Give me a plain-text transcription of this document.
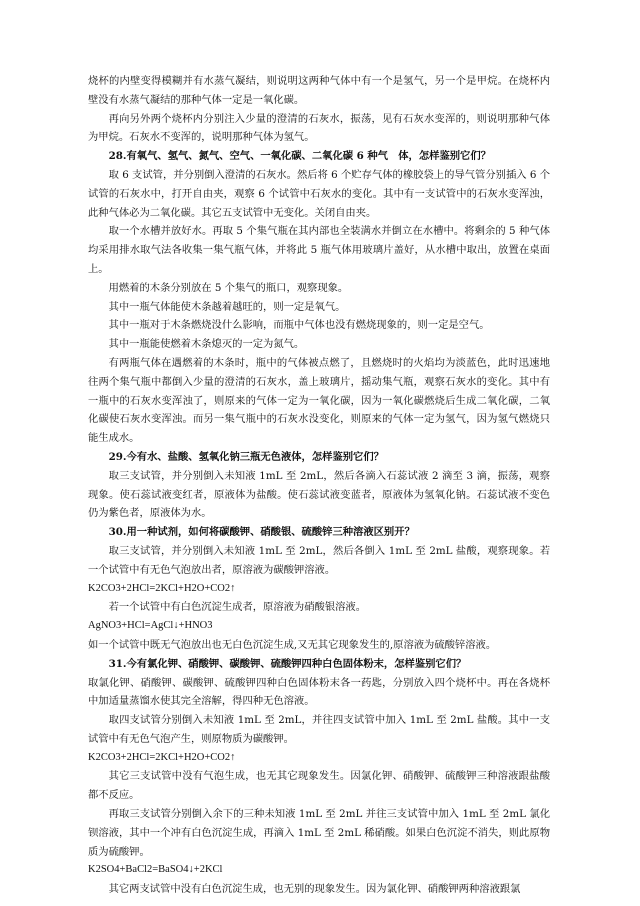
烧杯的内壁变得模糊并有水蒸气凝结，则说明这两种气体中有一个是氢气，另一个是甲烷。在烧杯内壁没有水蒸气凝结的那种气体一定是一氧化碳。

再向另外两个烧杯内分别注入少量的澄清的石灰水，振荡，见有石灰水变浑的，则说明那种气体为甲烷。石灰水不变浑的，说明那种气体为氢气。

28.有氧气、氢气、氮气、空气、一氧化碳、二氧化碳 6 种气　体，怎样鉴别它们？

取 6 支试管，并分别倒入澄清的石灰水。然后将 6 个贮存气体的橡胶袋上的导气管分别插入 6 个试管的石灰水中，打开自由夹，观察 6 个试管中石灰水的变化。其中有一支试管中的石灰水变浑浊，此种气体必为二氧化碳。其它五支试管中无变化。关闭自由夹。

取一个水槽并放好水。再取 5 个集气瓶在其内部也全装满水并倒立在水槽中。将剩余的 5 种气体均采用排水取气法各收集一集气瓶气体，并将此 5 瓶气体用玻璃片盖好，从水槽中取出，放置在桌面上。

用燃着的木条分别放在 5 个集气的瓶口，观察现象。

其中一瓶气体能使木条越着越旺的，则一定是氧气。

其中一瓶对于木条燃烧没什么影响，而瓶中气体也没有燃烧现象的，则一定是空气。

其中一瓶能使燃着木条熄灭的一定为氮气。

有两瓶气体在遇燃着的木条时，瓶中的气体被点燃了，且燃烧时的火焰均为淡蓝色，此时迅速地往两个集气瓶中都倒入少量的澄清的石灰水，盖上玻璃片，摇动集气瓶，观察石灰水的变化。其中有一瓶中的石灰水变浑浊了，则原来的气体一定为一氧化碳，因为一氧化碳燃烧后生成二氧化碳，二氧化碳使石灰水变浑浊。而另一集气瓶中的石灰水没变化，则原来的气体一定为氢气，因为氢气燃烧只能生成水。

29.今有水、盐酸、氢氧化钠三瓶无色液体，怎样鉴别它们？

取三支试管，并分别倒入未知液 1mL 至 2mL，然后各滴入石蕊试液 2 滴至 3 滴，振荡，观察现象。使石蕊试液变红者，原液体为盐酸。使石蕊试液变蓝者，原液体为氢氧化钠。石蕊试液不变色仍为紫色者，原液体为水。

30.用一种试剂，如何将碳酸钾、硝酸银、硫酸锌三种溶液区别开？

取三支试管，并分别倒入未知液 1mL 至 2mL，然后各倒入 1mL 至 2mL 盐酸，观察现象。若一个试管中有无色气泡放出者，原溶液为碳酸钾溶液。

K2CO3+2HCl=2KCl+H2O+CO2↑

若一个试管中有白色沉淀生成者，原溶液为硝酸银溶液。

AgNO3+HCl=AgCl↓+HNO3

如一个试管中既无气泡放出也无白色沉淀生成,又无其它现象发生的,原溶液为硫酸锌溶液。

31.今有氯化钾、硝酸钾、碳酸钾、硫酸钾四种白色固体粉末，怎样鉴别它们？

取氯化钾、硝酸钾、碳酸钾、硫酸钾四种白色固体粉末各一药匙，分别放入四个烧杯中。再在各烧杯中加适量蒸馏水使其完全溶解，得四种无色溶液。

取四支试管分别倒入未知液 1mL 至 2mL，并往四支试管中加入 1mL 至 2mL 盐酸。其中一支试管中有无色气泡产生，则原物质为碳酸钾。

K2CO3+2HCl=2KCl+H2O+CO2↑

其它三支试管中没有气泡生成，也无其它现象发生。因氯化钾、硝酸钾、硫酸钾三种溶液跟盐酸都不反应。

再取三支试管分别倒入余下的三种未知液 1mL 至 2mL 并往三支试管中加入 1mL 至 2mL 氯化钡溶液，其中一个冲有白色沉淀生成，再滴入 1mL 至 2mL 稀硝酸。如果白色沉淀不消失，则此原物质为硫酸钾。

K2SO4+BaCl2=BaSO4↓+2KCl

其它两支试管中没有白色沉淀生成，也无别的现象发生。因为氯化钾、硝酸钾两种溶液跟氯
